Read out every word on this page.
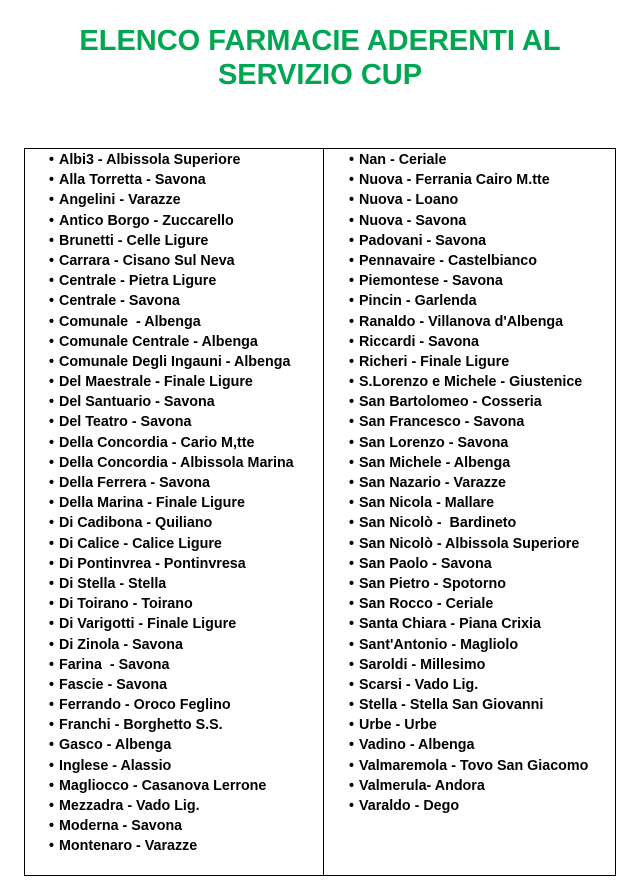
ELENCO FARMACIE ADERENTI AL
SERVIZIO CUP
• Albi3 - Albissola Superiore
• Alla Torretta - Savona
• Angelini - Varazze
• Antico Borgo - Zuccarello
• Brunetti - Celle Ligure
• Carrara - Cisano Sul Neva
• Centrale - Pietra Ligure
• Centrale - Savona
• Comunale  - Albenga
• Comunale Centrale - Albenga
• Comunale Degli Ingauni - Albenga
• Del Maestrale - Finale Ligure
• Del Santuario - Savona
• Del Teatro - Savona
• Della Concordia - Cario M,tte
• Della Concordia - Albissola Marina
• Della Ferrera - Savona
• Della Marina - Finale Ligure
• Di Cadibona - Quiliano
• Di Calice - Calice Ligure
• Di Pontinvrea - Pontinvresa
• Di Stella - Stella
• Di Toirano - Toirano
• Di Varigotti - Finale Ligure
• Di Zinola - Savona
• Farina  - Savona
• Fascie - Savona
• Ferrando - Oroco Feglino
• Franchi - Borghetto S.S.
• Gasco - Albenga
• Inglese - Alassio
• Magliocco - Casanova Lerrone
• Mezzadra - Vado Lig.
• Moderna - Savona
• Montenaro - Varazze
• Nan - Ceriale
• Nuova - Ferrania Cairo M.tte
• Nuova - Loano
• Nuova - Savona
• Padovani - Savona
• Pennavaire - Castelbianco
• Piemontese - Savona
• Pincin - Garlenda
• Ranaldo - Villanova d'Albenga
• Riccardi - Savona
• Richeri - Finale Ligure
• S.Lorenzo e Michele - Giustenice
• San Bartolomeo - Cosseria
• San Francesco - Savona
• San Lorenzo - Savona
• San Michele - Albenga
• San Nazario - Varazze
• San Nicola - Mallare
• San Nicolò -  Bardineto
• San Nicolò - Albissola Superiore
• San Paolo - Savona
• San Pietro - Spotorno
• San Rocco - Ceriale
• Santa Chiara - Piana Crixia
• Sant'Antonio - Magliolo
• Saroldi - Millesimo
• Scarsi - Vado Lig.
• Stella - Stella San Giovanni
• Urbe - Urbe
• Vadino - Albenga
• Valmaremola - Tovo San Giacomo
• Valmerula- Andora
• Varaldo - Dego
